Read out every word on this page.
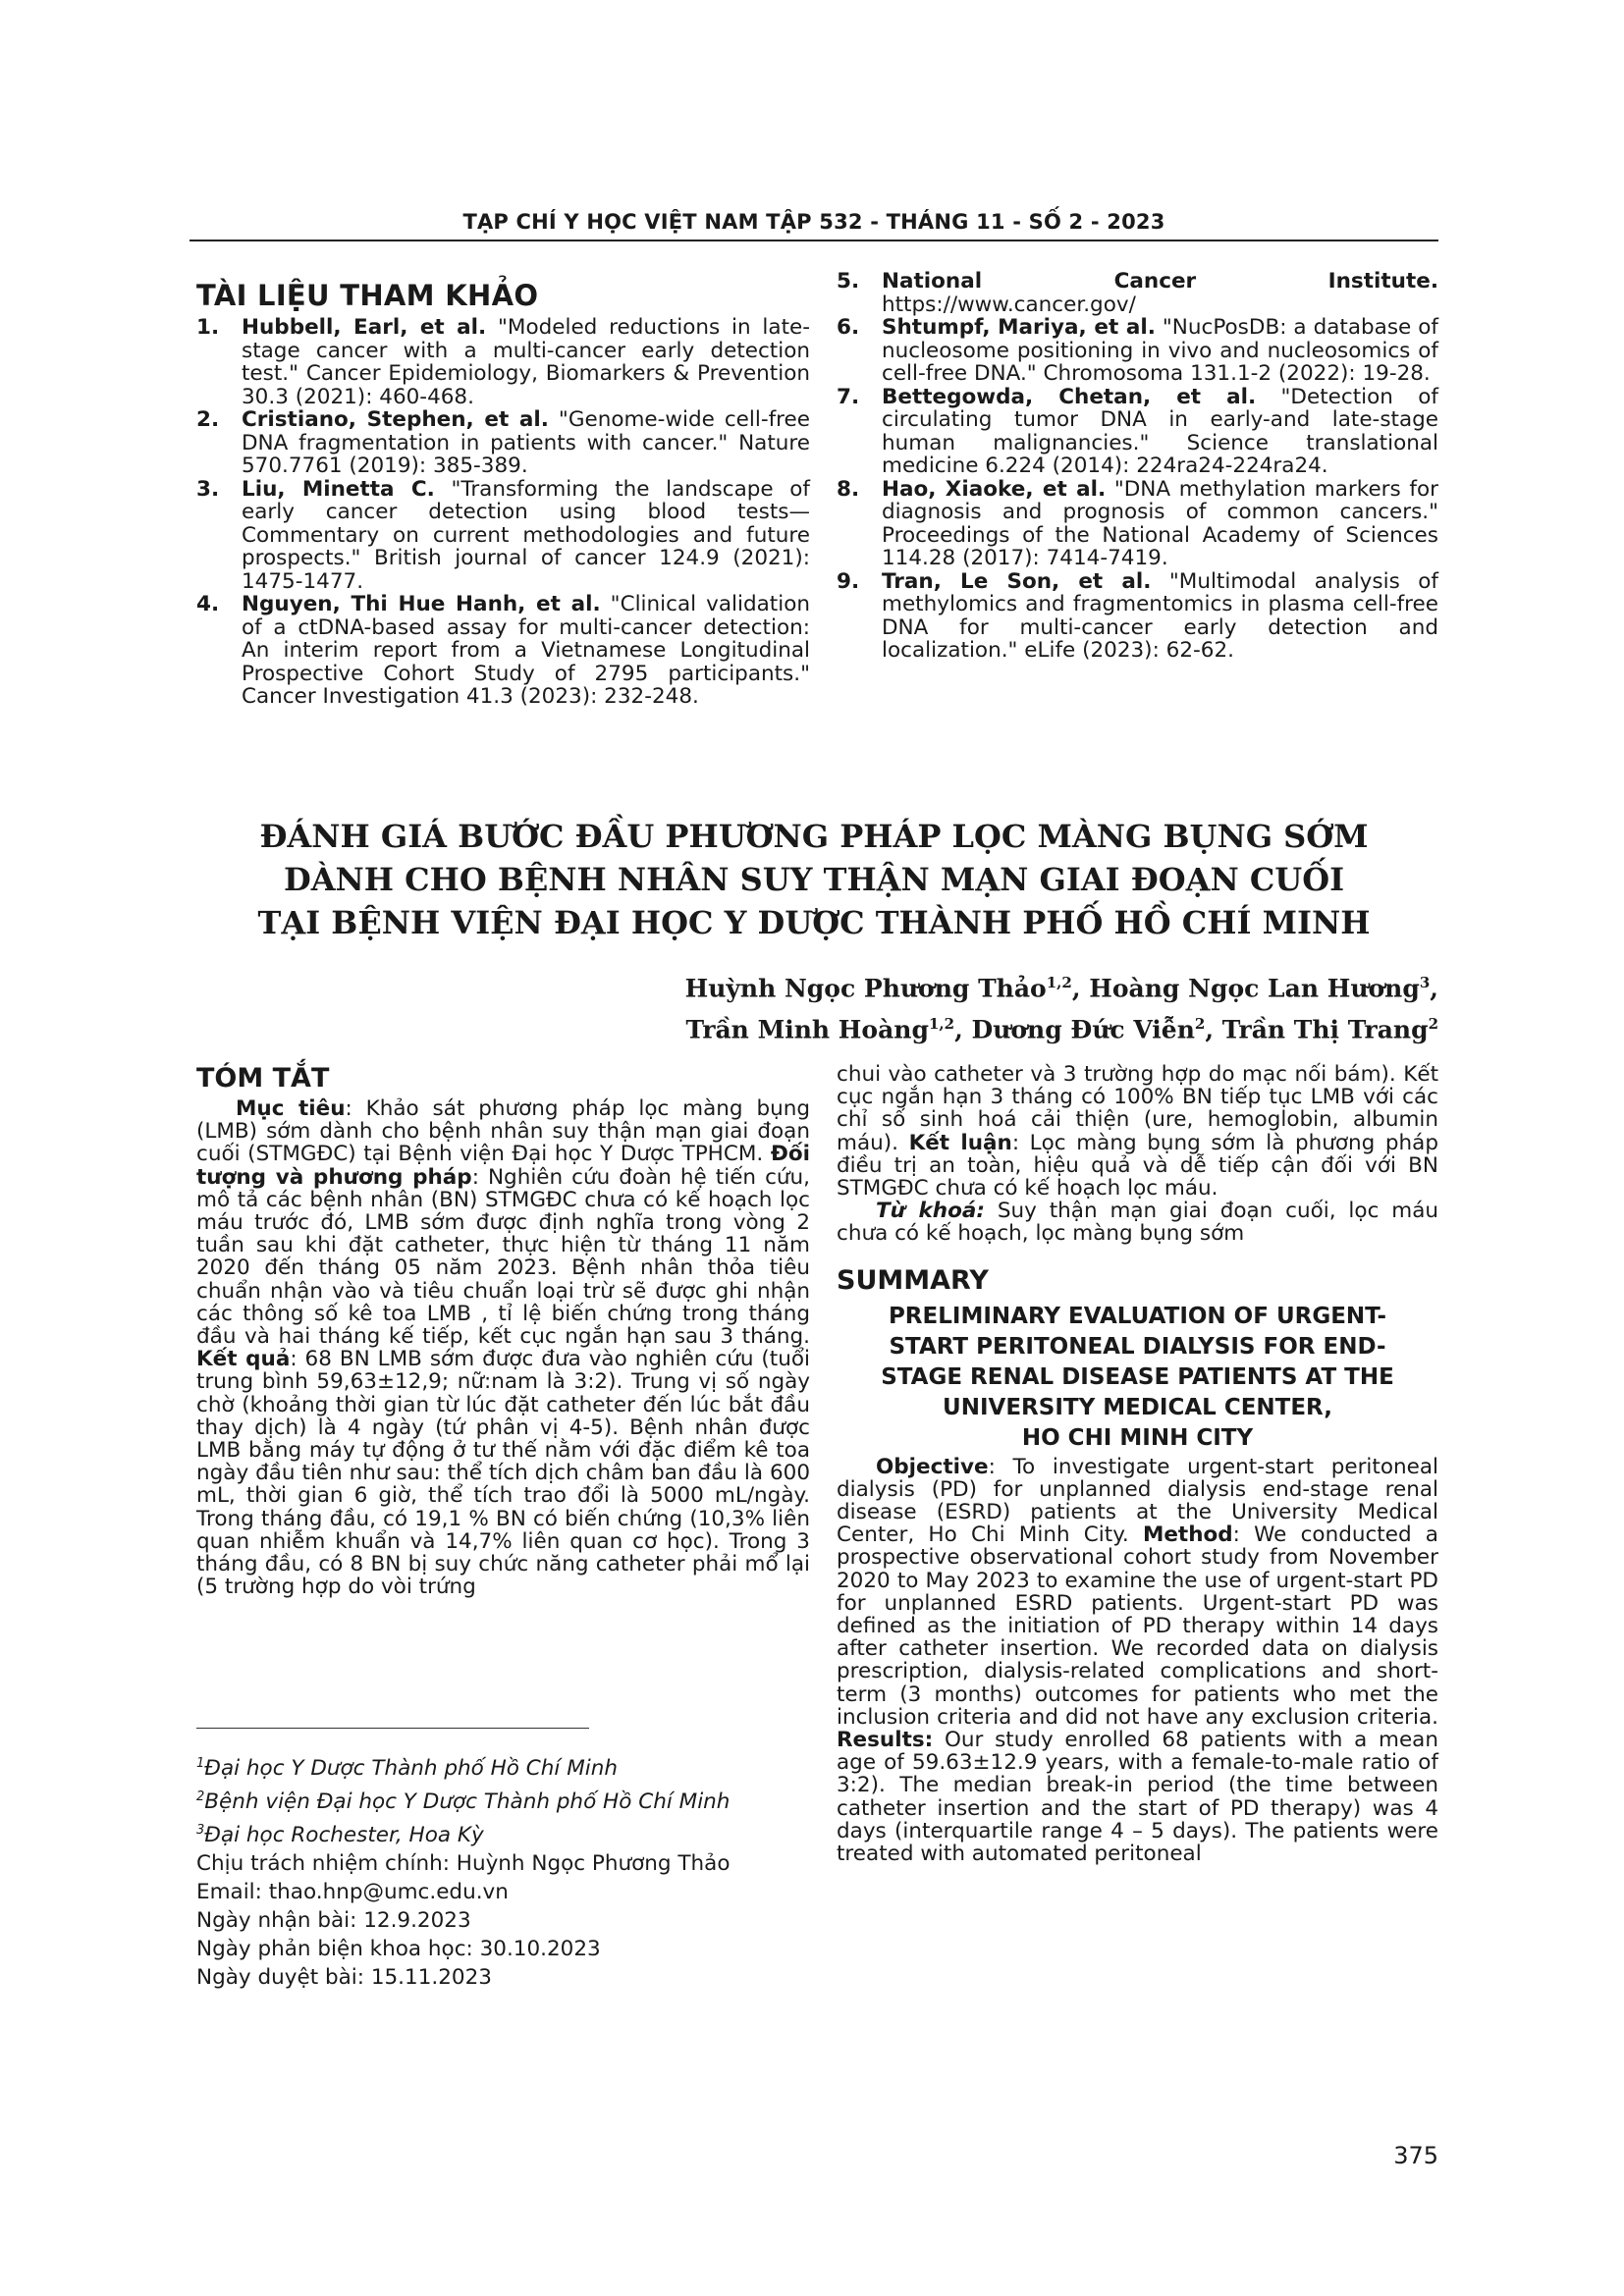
TẠP CHÍ Y HỌC VIỆT NAM TẬP 532 - THÁNG 11 - SỐ 2 - 2023
TÀI LIỆU THAM KHẢO
1.	Hubbell, Earl, et al. "Modeled reductions in late-stage cancer with a multi-cancer early detection test." Cancer Epidemiology, Biomarkers & Prevention 30.3 (2021): 460-468.
2.	Cristiano, Stephen, et al. "Genome-wide cell-free DNA fragmentation in patients with cancer." Nature 570.7761 (2019): 385-389.
3.	Liu, Minetta C. "Transforming the landscape of early cancer detection using blood tests—Commentary on current methodologies and future prospects." British journal of cancer 124.9 (2021): 1475-1477.
4.	Nguyen, Thi Hue Hanh, et al. "Clinical validation of a ctDNA-based assay for multi-cancer detection: An interim report from a Vietnamese Longitudinal Prospective Cohort Study of 2795 participants." Cancer Investigation 41.3 (2023): 232-248.
5.	National Cancer Institute. https://www.cancer.gov/
6.	Shtumpf, Mariya, et al. "NucPosDB: a database of nucleosome positioning in vivo and nucleosomics of cell-free DNA." Chromosoma 131.1-2 (2022): 19-28.
7.	Bettegowda, Chetan, et al. "Detection of circulating tumor DNA in early-and late-stage human malignancies." Science translational medicine 6.224 (2014): 224ra24-224ra24.
8.	Hao, Xiaoke, et al. "DNA methylation markers for diagnosis and prognosis of common cancers." Proceedings of the National Academy of Sciences 114.28 (2017): 7414-7419.
9.	Tran, Le Son, et al. "Multimodal analysis of methylomics and fragmentomics in plasma cell-free DNA for multi-cancer early detection and localization." eLife (2023): 62-62.
ĐÁNH GIÁ BƯỚC ĐẦU PHƯƠNG PHÁP LỌC MÀNG BỤNG SỚM
DÀNH CHO BỆNH NHÂN SUY THẬN MẠN GIAI ĐOẠN CUỐI
TẠI BỆNH VIỆN ĐẠI HỌC Y DƯỢC THÀNH PHỐ HỒ CHÍ MINH
Huỳnh Ngọc Phương Thảo$^{1,2}$, Hoàng Ngọc Lan Hương$^3$,
Trần Minh Hoàng$^{1,2}$, Dương Đức Viễn$^2$, Trần Thị Trang$^2$
TÓM TẮT

Mục tiêu: Khảo sát phương pháp lọc màng bụng (LMB) sớm dành cho bệnh nhân suy thận mạn giai đoạn cuối (STMGĐC) tại Bệnh viện Đại học Y Dược TPHCM. Đối tượng và phương pháp: Nghiên cứu đoàn hệ tiến cứu, mô tả các bệnh nhân (BN) STMGĐC chưa có kế hoạch lọc máu trước đó, LMB sớm được định nghĩa trong vòng 2 tuần sau khi đặt catheter, thực hiện từ tháng 11 năm 2020 đến tháng 05 năm 2023. Bệnh nhân thỏa tiêu chuẩn nhận vào và tiêu chuẩn loại trừ sẽ được ghi nhận các thông số kê toa LMB , tỉ lệ biến chứng trong tháng đầu và hai tháng kế tiếp, kết cục ngắn hạn sau 3 tháng. Kết quả: 68 BN LMB sớm được đưa vào nghiên cứu (tuổi trung bình 59,63±12,9; nữ:nam là 3:2). Trung vị số ngày chờ (khoảng thời gian từ lúc đặt catheter đến lúc bắt đầu thay dịch) là 4 ngày (tứ phân vị 4-5). Bệnh nhân được LMB bằng máy tự động ở tư thế nằm với đặc điểm kê toa ngày đầu tiên như sau: thể tích dịch châm ban đầu là 600 mL, thời gian 6 giờ, thể tích trao đổi là 5000 mL/ngày. Trong tháng đầu, có 19,1 % BN có biến chứng (10,3% liên quan nhiễm khuẩn và 14,7% liên quan cơ học). Trong 3 tháng đầu, có 8 BN bị suy chức năng catheter phải mổ lại (5 trường hợp do vòi trứng

$^1$Đại học Y Dược Thành phố Hồ Chí Minh
$^2$Bệnh viện Đại học Y Dược Thành phố Hồ Chí Minh
$^3$Đại học Rochester, Hoa Kỳ
Chịu trách nhiệm chính: Huỳnh Ngọc Phương Thảo
Email: thao.hnp@umc.edu.vn
Ngày nhận bài: 12.9.2023
Ngày phản biện khoa học: 30.10.2023
Ngày duyệt bài: 15.11.2023

chui vào catheter và 3 trường hợp do mạc nối bám). Kết cục ngắn hạn 3 tháng có 100% BN tiếp tục LMB với các chỉ số sinh hoá cải thiện (ure, hemoglobin, albumin máu). Kết luận: Lọc màng bụng sớm là phương pháp điều trị an toàn, hiệu quả và dễ tiếp cận đối với BN STMGĐC chưa có kế hoạch lọc máu.

Từ khoá: Suy thận mạn giai đoạn cuối, lọc máu chưa có kế hoạch, lọc màng bụng sớm

SUMMARY
PRELIMINARY EVALUATION OF URGENT-
START PERITONEAL DIALYSIS FOR END-
STAGE RENAL DISEASE PATIENTS AT THE
UNIVERSITY MEDICAL CENTER,
HO CHI MINH CITY

Objective: To investigate urgent-start peritoneal dialysis (PD) for unplanned dialysis end-stage renal disease (ESRD) patients at the University Medical Center, Ho Chi Minh City. Method: We conducted a prospective observational cohort study from November 2020 to May 2023 to examine the use of urgent-start PD for unplanned ESRD patients. Urgent-start PD was defined as the initiation of PD therapy within 14 days after catheter insertion. We recorded data on dialysis prescription, dialysis-related complications and short-term (3 months) outcomes for patients who met the inclusion criteria and did not have any exclusion criteria. Results: Our study enrolled 68 patients with a mean age of 59.63±12.9 years, with a female-to-male ratio of 3:2). The median break-in period (the time between catheter insertion and the start of PD therapy) was 4 days (interquartile range 4 – 5 days). The patients were treated with automated peritoneal

375
